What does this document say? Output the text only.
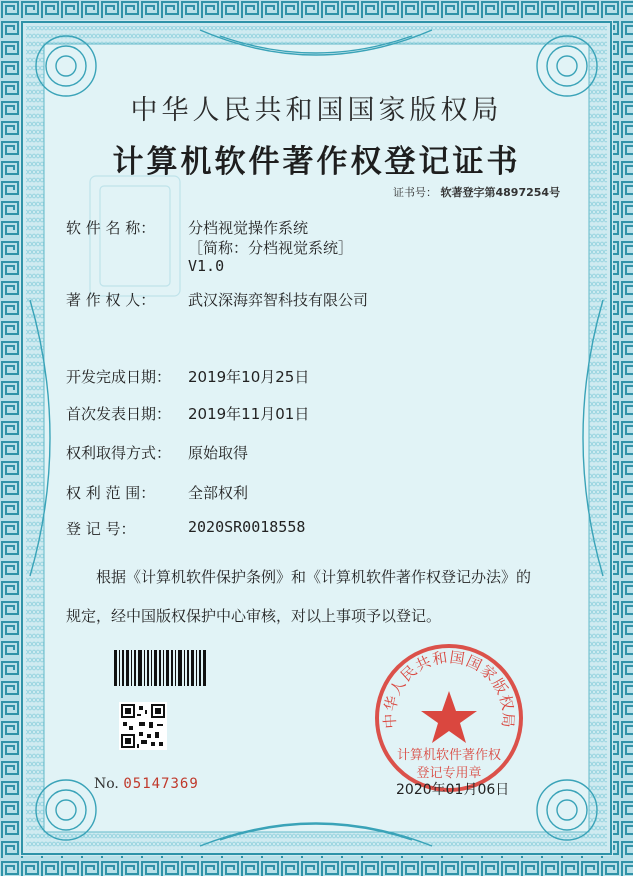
中华人民共和国国家版权局
计算机软件著作权登记证书
证书号： 软著登字第4897254号
软 件 名 称： 分档视觉操作系统
［简称：分档视觉系统］
V1.0
著 作 权 人： 武汉深海弈智科技有限公司
开发完成日期： 2019年10月25日
首次发表日期： 2019年11月01日
权利取得方式： 原始取得
权 利 范 围： 全部权利
登 记 号：	2020SR0018558
根据《计算机软件保护条例》和《计算机软件著作权登记办法》的
规定，经中国版权保护中心审核，对以上事项予以登记。
No. 05147369
中华人民共和国国家版权局
计算机软件著作权
登记专用章
2020年01月06日
